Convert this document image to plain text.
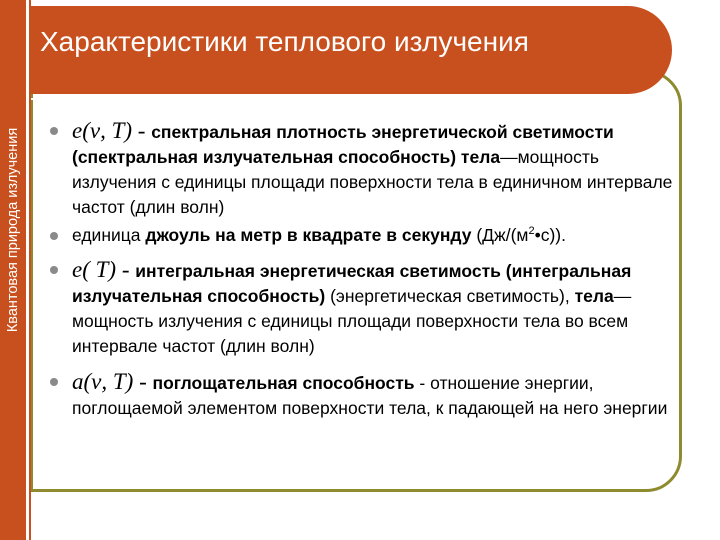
Квантовая природа излучения
Характеристики теплового излучения
e(ν, T) - спектральная плотность энергетической светимости (спектральная излучательная способность) тела—мощность излучения с единицы площади поверхности тела в единичном интервале частот (длин волн)
единица джоуль на метр в квадрате в секунду $(Дж/(м^2•с))$.
e( T) - интегральная энергетическая светимость (интегральная излучательная способность) (энергетическая светимость), тела—мощность излучения с единицы площади поверхности тела во всем интервале частот (длин волн)
a(ν, T) - поглощательная способность - отношение энергии, поглощаемой элементом поверхности тела, к падающей на него энергии
